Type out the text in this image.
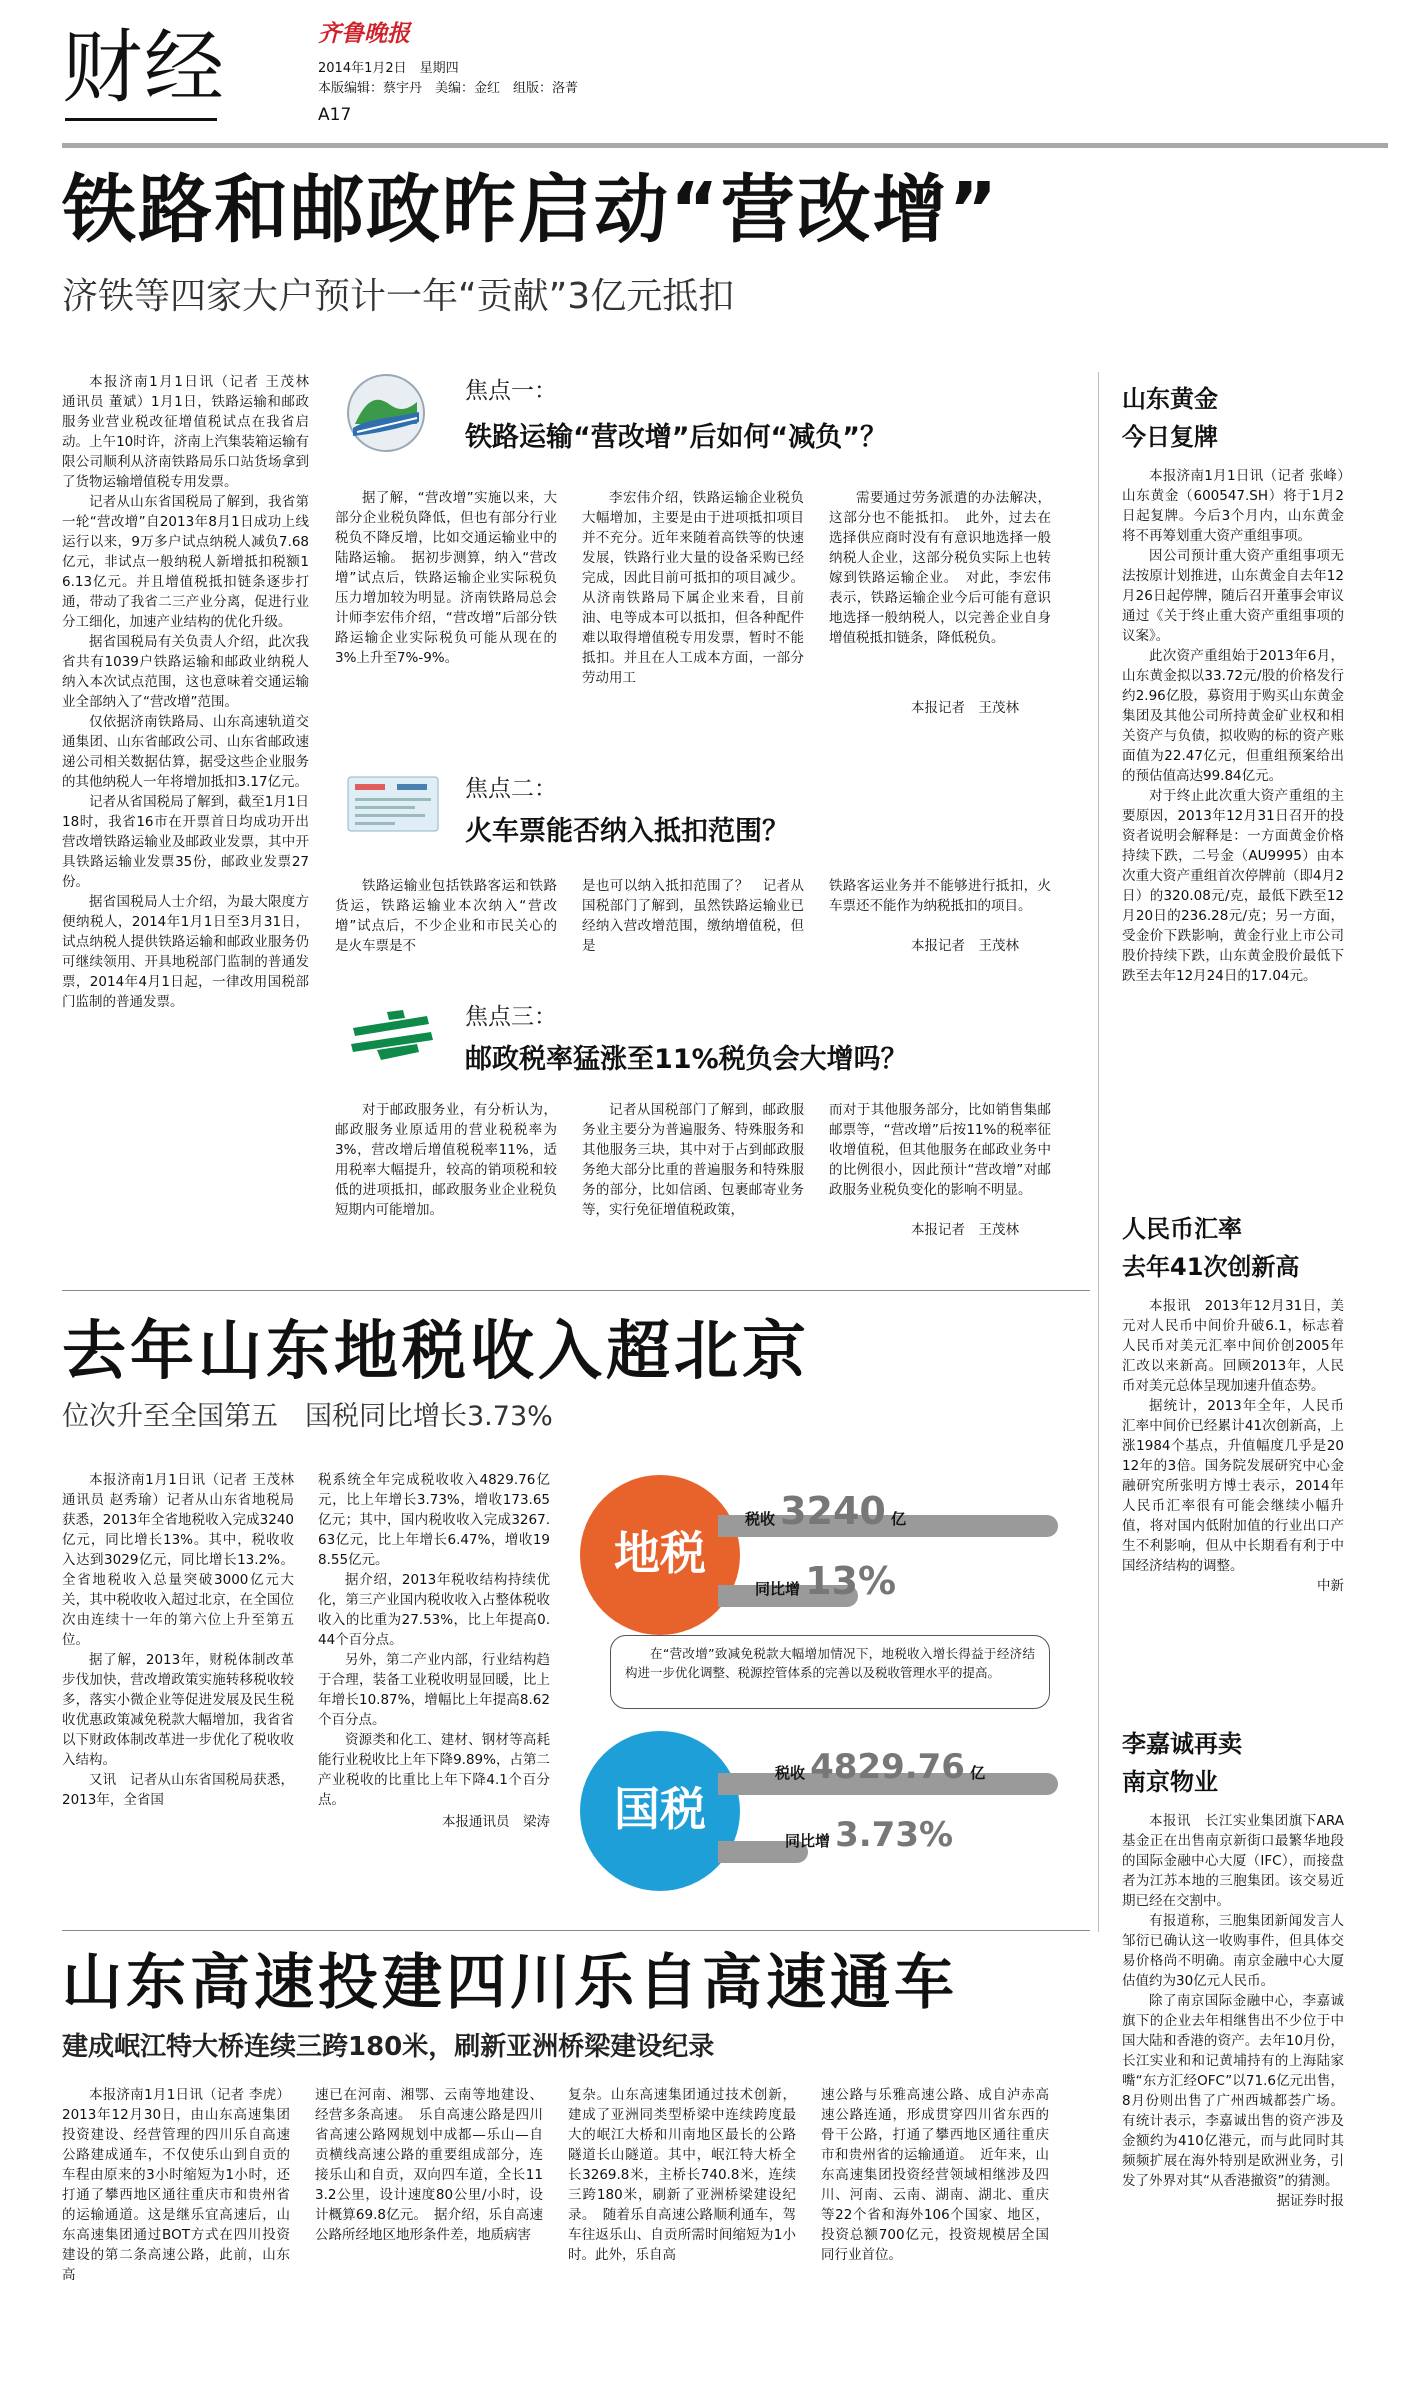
财经	齐鲁晚报
2014年1月2日　星期四
本版编辑：蔡宇丹　美编：金红　组版：洛菁
A17
铁路和邮政昨启动“营改增”
济铁等四家大户预计一年“贡献”3亿元抵扣

本报济南1月1日讯（记者 王茂林　通讯员 董斌）1月1日，铁路运输和邮政服务业营业税改征增值税试点在我省启动。上午10时许，济南上汽集装箱运输有限公司顺利从济南铁路局乐口站货场拿到了货物运输增值税专用发票。

记者从山东省国税局了解到，我省第一轮“营改增”自2013年8月1日成功上线运行以来，9万多户试点纳税人减负7.68亿元，非试点一般纳税人新增抵扣税额16.13亿元。并且增值税抵扣链条逐步打通，带动了我省二三产业分离，促进行业分工细化，加速产业结构的优化升级。

据省国税局有关负责人介绍，此次我省共有1039户铁路运输和邮政业纳税人纳入本次试点范围，这也意味着交通运输业全部纳入了“营改增”范围。

仅依据济南铁路局、山东高速轨道交通集团、山东省邮政公司、山东省邮政速递公司相关数据估算，据受这些企业服务的其他纳税人一年将增加抵扣3.17亿元。

记者从省国税局了解到，截至1月1日18时，我省16市在开票首日均成功开出营改增铁路运输业及邮政业发票，其中开具铁路运输业发票35份，邮政业发票27份。

据省国税局人士介绍，为最大限度方便纳税人，2014年1月1日至3月31日，试点纳税人提供铁路运输和邮政业服务仍可继续领用、开具地税部门监制的普通发票，2014年4月1日起，一律改用国税部门监制的普通发票。

焦点一：
铁路运输“营改增”后如何“减负”？
据了解，“营改增”实施以来，大部分企业税负降低，但也有部分行业税负不降反增，比如交通运输业中的陆路运输。　据初步测算，纳入“营改增”试点后，铁路运输企业实际税负压力增加较为明显。济南铁路局总会计师李宏伟介绍，“营改增”后部分铁路运输企业实际税负可能从现在的3%上升至7%-9%。
李宏伟介绍，铁路运输企业税负大幅增加，主要是由于进项抵扣项目并不充分。近年来随着高铁等的快速发展，铁路行业大量的设备采购已经完成，因此目前可抵扣的项目减少。从济南铁路局下属企业来看，目前油、电等成本可以抵扣，但各种配件难以取得增值税专用发票，暂时不能抵扣。并且在人工成本方面，一部分劳动用工
需要通过劳务派遣的办法解决，这部分也不能抵扣。　此外，过去在选择供应商时没有有意识地选择一般纳税人企业，这部分税负实际上也转嫁到铁路运输企业。　对此，李宏伟表示，铁路运输企业今后可能有意识地选择一般纳税人，以完善企业自身增值税抵扣链条，降低税负。
本报记者　王茂林
焦点二：
火车票能否纳入抵扣范围？
铁路运输业包括铁路客运和铁路货运，铁路运输业本次纳入“营改增”试点后，不少企业和市民关心的是火车票是不
是也可以纳入抵扣范围了？　记者从国税部门了解到，虽然铁路运输业已经纳入营改增范围，缴纳增值税，但是
铁路客运业务并不能够进行抵扣，火车票还不能作为纳税抵扣的项目。
本报记者　王茂林
焦点三：
邮政税率猛涨至11%税负会大增吗？
对于邮政服务业，有分析认为，邮政服务业原适用的营业税税率为3%，营改增后增值税税率11%，适用税率大幅提升，较高的销项税和较低的进项抵扣，邮政服务业企业税负短期内可能增加。
记者从国税部门了解到，邮政服务业主要分为普遍服务、特殊服务和其他服务三块，其中对于占到邮政服务绝大部分比重的普遍服务和特殊服务的部分，比如信函、包裹邮寄业务等，实行免征增值税政策，
而对于其他服务部分，比如销售集邮邮票等，“营改增”后按11%的税率征收增值税，但其他服务在邮政业务中的比例很小，因此预计“营改增”对邮政服务业税负变化的影响不明显。
本报记者　王茂林
去年山东地税收入超北京
位次升至全国第五　国税同比增长3.73%

本报济南1月1日讯（记者 王茂林　通讯员 赵秀瑜）记者从山东省地税局获悉，2013年全省地税收入完成3240亿元，同比增长13%。其中，税收收入达到3029亿元，同比增长13.2%。全省地税收入总量突破3000亿元大关，其中税收收入超过北京，在全国位次由连续十一年的第六位上升至第五位。

据了解，2013年，财税体制改革步伐加快，营改增政策实施转移税收较多，落实小微企业等促进发展及民生税收优惠政策减免税款大幅增加，我省省以下财政体制改革进一步优化了税收收入结构。

又讯　记者从山东省国税局获悉，2013年，全省国

税系统全年完成税收收入4829.76亿元，比上年增长3.73%，增收173.65亿元；其中，国内税收收入完成3267.63亿元，比上年增长6.47%，增收198.55亿元。

据介绍，2013年税收结构持续优化，第三产业国内税收收入占整体税收收入的比重为27.53%，比上年提高0.44个百分点。

另外，第二产业内部，行业结构趋于合理，装备工业税收明显回暖，比上年增长10.87%，增幅比上年提高8.62个百分点。

资源类和化工、建材、钢材等高耗能行业税收比上年下降9.89%，占第二产业税收的比重比上年下降4.1个百分点。

本报通讯员　梁涛
地税
税收 3240 亿
同比增 13%
在“营改增”致减免税款大幅增加情况下，地税收入增长得益于经济结构进一步优化调整、税源控管体系的完善以及税收管理水平的提高。
国税
税收 4829.76 亿
同比增 3.73%
山东高速投建四川乐自高速通车
建成岷江特大桥连续三跨180米，刷新亚洲桥梁建设纪录
本报济南1月1日讯（记者 李虎）2013年12月30日，由山东高速集团投资建设、经营管理的四川乐自高速公路建成通车，不仅使乐山到自贡的车程由原来的3小时缩短为1小时，还打通了攀西地区通往重庆市和贵州省的运输通道。这是继乐宜高速后，山东高速集团通过BOT方式在四川投资建设的第二条高速公路，此前，山东高
速已在河南、湘鄂、云南等地建设、经营多条高速。　乐自高速公路是四川省高速公路网规划中成都—乐山—自贡横线高速公路的重要组成部分，连接乐山和自贡，双向四车道，全长113.2公里，设计速度80公里/小时，设计概算69.8亿元。　据介绍，乐自高速公路所经地区地形条件差，地质病害
复杂。山东高速集团通过技术创新，建成了亚洲同类型桥梁中连续跨度最大的岷江大桥和川南地区最长的公路隧道长山隧道。其中，岷江特大桥全长3269.8米，主桥长740.8米，连续三跨180米，刷新了亚洲桥梁建设纪录。　随着乐自高速公路顺利通车，驾车往返乐山、自贡所需时间缩短为1小时。此外，乐自高
速公路与乐雅高速公路、成自泸赤高速公路连通，形成贯穿四川省东西的骨干公路，打通了攀西地区通往重庆市和贵州省的运输通道。　近年来，山东高速集团投资经营领域相继涉及四川、河南、云南、湖南、湖北、重庆等22个省和海外106个国家、地区，投资总额700亿元，投资规模居全国同行业首位。
山东黄金
今日复牌

本报济南1月1日讯（记者 张峰）　山东黄金（600547.SH）将于1月2日起复牌。今后3个月内，山东黄金将不再筹划重大资产重组事项。

因公司预计重大资产重组事项无法按原计划推进，山东黄金自去年12月26日起停牌，随后召开董事会审议通过《关于终止重大资产重组事项的议案》。

此次资产重组始于2013年6月，山东黄金拟以33.72元/股的价格发行约2.96亿股，募资用于购买山东黄金集团及其他公司所持黄金矿业权和相关资产与负债，拟收购的标的资产账面值为22.47亿元，但重组预案给出的预估值高达99.84亿元。

对于终止此次重大资产重组的主要原因，2013年12月31日召开的投资者说明会解释是：一方面黄金价格持续下跌，二号金（AU9995）由本次重大资产重组首次停牌前（即4月2日）的320.08元/克，最低下跌至12月20日的236.28元/克；另一方面，受金价下跌影响，黄金行业上市公司股价持续下跌，山东黄金股价最低下跌至去年12月24日的17.04元。

人民币汇率
去年41次创新高

本报讯　2013年12月31日，美元对人民币中间价升破6.1，标志着人民币对美元汇率中间价创2005年汇改以来新高。回顾2013年，人民币对美元总体呈现加速升值态势。

据统计，2013年全年，人民币汇率中间价已经累计41次创新高，上涨1984个基点，升值幅度几乎是2012年的3倍。国务院发展研究中心金融研究所张明方博士表示，2014年人民币汇率很有可能会继续小幅升值，将对国内低附加值的行业出口产生不利影响，但从中长期看有利于中国经济结构的调整。

中新
李嘉诚再卖
南京物业

本报讯　长江实业集团旗下ARA基金正在出售南京新街口最繁华地段的国际金融中心大厦（IFC），而接盘者为江苏本地的三胞集团。该交易近期已经在交割中。

有报道称，三胞集团新闻发言人邹衍已确认这一收购事件，但具体交易价格尚不明确。南京金融中心大厦估值约为30亿元人民币。

除了南京国际金融中心，李嘉诚旗下的企业去年相继售出不少位于中国大陆和香港的资产。去年10月份，长江实业和和记黄埔持有的上海陆家嘴“东方汇经OFC”以71.6亿元出售，8月份则出售了广州西城都荟广场。有统计表示，李嘉诚出售的资产涉及金额约为410亿港元，而与此同时其频频扩展在海外特别是欧洲业务，引发了外界对其“从香港撤资”的猜测。

据证券时报
